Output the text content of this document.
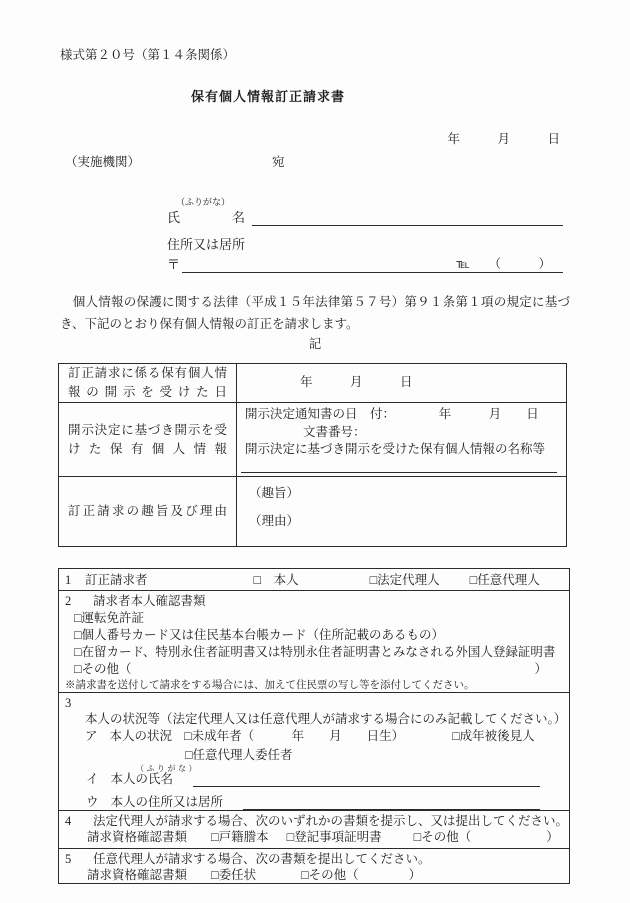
様式第２０号（第１４条関係）
保有個人情報訂正請求書
年　　　月　　　日
（実施機関）	宛
（ふりがな）
氏　　　　名
住所又は居所
〒	℡　　（　　　）

　個人情報の保護に関する法律（平成１５年法律第５７号）第９１条第１項の規定に基づき、下記のとおり保有個人情報の訂正を請求します。

記
訂正請求に係る保有個人情報の開示を受けた日	年　　　月　　　日

開示決定に基づき開示を受けた保有個人情報	開示決定通知書の日　付：　　　　年　　　月　　日
文書番号：
開示決定に基づき開示を受けた保有個人情報の名称等

訂正請求の趣旨及び理由	（趣旨）
（理由）
1 訂正請求者	□　本人	□法定代理人 □任意代理人

2 請求者本人確認書類
□運転免許証
□個人番号カード又は住民基本台帳カード（住所記載のあるもの）
□在留カード、特別永住者証明書又は特別永住者証明書とみなされる外国人登録証明書
□その他（	）
※請求書を送付して請求をする場合には、加えて住民票の写し等を添付してください。

3本人の状況等（法定代理人又は任意代理人が請求する場合にのみ記載してください。）
ア 本人の状況 □未成年者（　　　年　　月　　日生）	□成年被後見人
□任意代理人委任者
（ふりがな）
イ 本人の氏名
ウ 本人の住所又は居所

4 法定代理人が請求する場合、次のいずれかの書類を提示し、又は提出してください。
請求資格確認書類 □戸籍謄本 □登記事項証明書	□その他（　　　　　　）

5 任意代理人が請求する場合、次の書類を提出してください。
請求資格確認書類 □委任状	□その他（　　　　）
